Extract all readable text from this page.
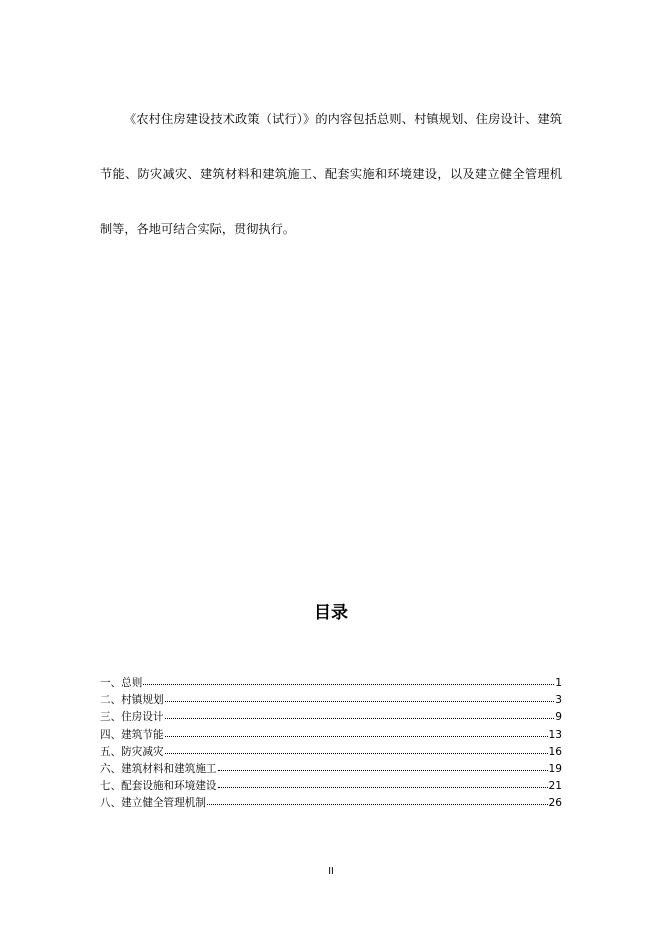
《农村住房建设技术政策（试行）》的内容包括总则、村镇规划、住房设计、建筑节能、防灾减灾、建筑材料和建筑施工、配套实施和环境建设，以及建立健全管理机制等，各地可结合实际，贯彻执行。

目录
一、总则	1
二、村镇规划	3
三、住房设计	9
四、建筑节能	13
五、防灾减灾	16
六、建筑材料和建筑施工	19
七、配套设施和环境建设	21
八、建立健全管理机制	26
II
